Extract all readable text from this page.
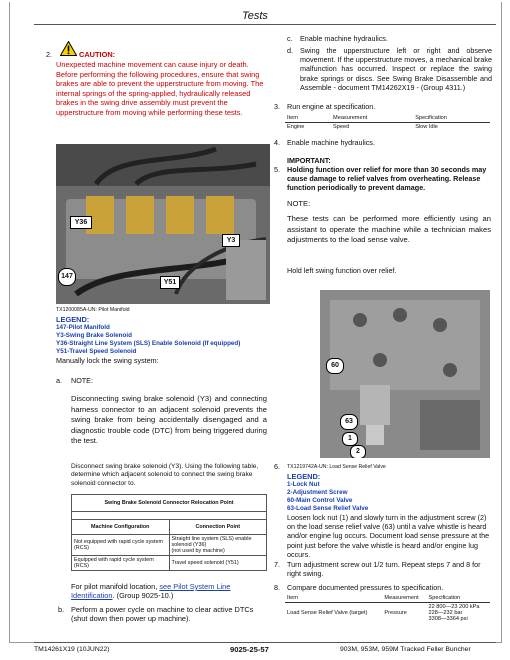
Tests
2.	CAUTION:
Unexpected machine movement can cause injury or death. Before performing the following procedures, ensure that swing brakes are able to prevent the upperstructure from moving. The internal springs of the spring-applied, hydraulically released brakes in the swing drive assembly must prevent the upperstructure from moving while performing these tests.
Y36
Y3
147
Y51
TX1200085A-UN: Pilot Manifold
LEGEND:
147-Pilot Manifold
Y3-Swing Brake Solenoid
Y36-Straight Line System (SLS) Enable Solenoid (If equipped)
Y51-Travel Speed Solenoid
Manually lock the swing system:
a. NOTE:
Disconnecting swing brake solenoid (Y3) and connecting harness connector to an adjacent solenoid prevents the swing brake from being accidentally disengaged and a diagnostic trouble code (DTC) from being triggered during the test.
Disconnect swing brake solenoid (Y3). Using the following table, determine which adjacent solenoid to connect the swing brake solenoid connector to.
Swing Brake Solenoid Connector Relocation Point	

Machine Configuration	Connection Point
Not equipped with rapid cycle system (RCS)	Straight line system (SLS) enable solenoid (Y36)
(not used by machine)
Equipped with rapid cycle system (RCS)	Travel speed solenoid (Y51)
For pilot manifold location, see Pilot System Line Identification. (Group 9025-10.)
b. Perform a power cycle on machine to clear active DTCs (shut down then power up machine).
c. Enable machine hydraulics.
d. Swing the upperstructure left or right and observe movement. If the upperstructure moves, a mechanical brake malfunction has occurred. Inspect or replace the swing brake springs or discs. See Swing Brake Disassemble and Assemble - document TM14262X19 - (Group 4311.)
3. Run engine at specification.
Item	Measurement	Specification
Engine	Speed	Slow Idle
4. Enable machine hydraulics.
IMPORTANT:
5. Holding function over relief for more than 30 seconds may cause damage to relief valves from overheating. Release function periodically to prevent damage.
NOTE:
These tests can be performed more efficiently using an assistant to operate the machine while a technician makes adjustments to the load sense valve.
Hold left swing function over relief.
60
63
1
2
6. TX1219742A-UN: Load Sense Relief Valve
LEGEND:
1-Lock Nut
2-Adjustment Screw
60-Main Control Valve
63-Load Sense Relief Valve
Loosen lock nut (1) and slowly turn in the adjustment screw (2) on the load sense relief valve (63) until a valve whistle is heard and/or engine lug occurs. Document load sense pressure at the point just before the valve whistle is heard and/or engine lug occurs.
7. Turn adjustment screw out 1/2 turn. Repeat steps 7 and 8 for right swing.
8. Compare documented pressures to specification.
Item	Measurement	Specification
Load Sense Relief Valve (target)	Pressure	22 800—23 200 kPa
228—232 bar
3308—3364 psi
TM14261X19 (10JUN22)	9025-25-57	903M, 953M, 959M Tracked Feller Buncher
